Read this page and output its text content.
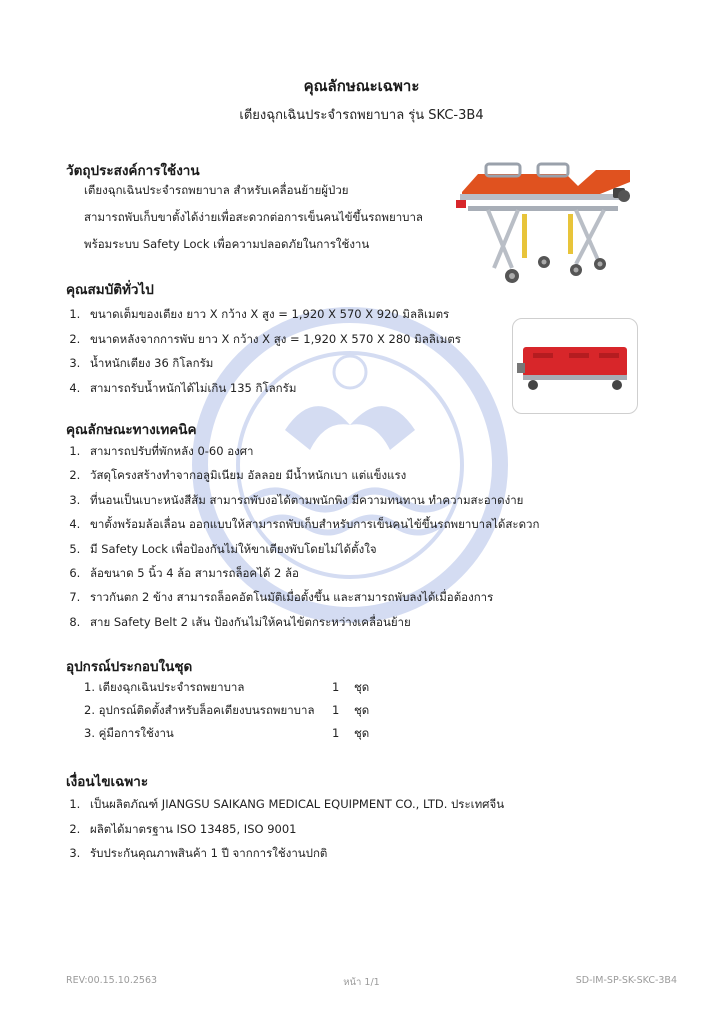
คุณลักษณะเฉพาะ
เตียงฉุกเฉินประจำรถพยาบาล รุ่น SKC-3B4
วัตถุประสงค์การใช้งาน
เตียงฉุกเฉินประจำรถพยาบาล สำหรับเคลื่อนย้ายผู้ป่วย
สามารถพับเก็บขาตั้งได้ง่ายเพื่อสะดวกต่อการเข็นคนไข้ขึ้นรถพยาบาล
พร้อมระบบ Safety Lock เพื่อความปลอดภัยในการใช้งาน
คุณสมบัติทั่วไป
1. ขนาดเต็มของเตียง ยาว X กว้าง X สูง = 1,920 X 570 X 920 มิลลิเมตร
2. ขนาดหลังจากการพับ ยาว X กว้าง X สูง = 1,920 X 570 X 280 มิลลิเมตร
3. น้ำหนักเตียง 36 กิโลกรัม
4. สามารถรับน้ำหนักได้ไม่เกิน 135 กิโลกรัม
คุณลักษณะทางเทคนิค
1. สามารถปรับที่พักหลัง 0-60 องศา
2. วัสดุโครงสร้างทำจากอลูมิเนียม อัลลอย มีน้ำหนักเบา แต่แข็งแรง
3. ที่นอนเป็นเบาะหนังสีส้ม สามารถพับงอได้ตามพนักพิง มีความทนทาน ทำความสะอาดง่าย
4. ขาตั้งพร้อมล้อเลื่อน ออกแบบให้สามารถพับเก็บสำหรับการเข็นคนไข้ขึ้นรถพยาบาลได้สะดวก
5. มี Safety Lock เพื่อป้องกันไม่ให้ขาเตียงพับโดยไม่ได้ตั้งใจ
6. ล้อขนาด 5 นิ้ว 4 ล้อ สามารถล็อคได้ 2 ล้อ
7. ราวกันตก 2 ข้าง สามารถล็อคอัตโนมัติเมื่อตั้งขึ้น และสามารถพับลงได้เมื่อต้องการ
8. สาย Safety Belt 2 เส้น ป้องกันไม่ให้คนไข้ตกระหว่างเคลื่อนย้าย
อุปกรณ์ประกอบในชุด
1. เตียงฉุกเฉินประจำรถพยาบาล	1 ชุด
2. อุปกรณ์ติดตั้งสำหรับล็อคเตียงบนรถพยาบาล 1 ชุด
3. คู่มือการใช้งาน	1 ชุด
เงื่อนไขเฉพาะ
1. เป็นผลิตภัณฑ์ JIANGSU SAIKANG MEDICAL EQUIPMENT CO., LTD. ประเทศจีน
2. ผลิตได้มาตรฐาน ISO 13485, ISO 9001
3. รับประกันคุณภาพสินค้า 1 ปี จากการใช้งานปกติ
REV:00.15.10.2563	หน้า 1/1	SD-IM-SP-SK-SKC-3B4
